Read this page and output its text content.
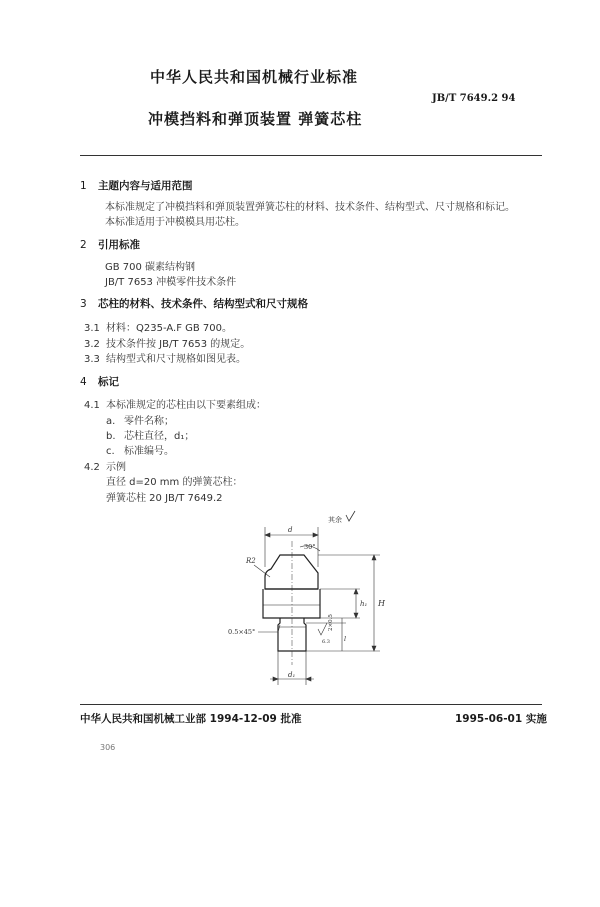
中华人民共和国机械行业标准
JB/T 7649.2 94
冲模挡料和弹顶装置 弹簧芯柱
1 主题内容与适用范围
本标准规定了冲模挡料和弹顶装置弹簧芯柱的材料、技术条件、结构型式、尺寸规格和标记。
本标准适用于冲模模具用芯柱。
2 引用标准
GB 700 碳素结构钢
JB/T 7653 冲模零件技术条件
3 芯柱的材料、技术条件、结构型式和尺寸规格
3.1 材料：Q235-A.F GB 700。
3.2 技术条件按 JB/T 7653 的规定。
3.3 结构型式和尺寸规格如图见表。
4 标记
4.1 本标准规定的芯柱由以下要素组成：
a. 零件名称；
b. 芯柱直径，d₁；
c. 标准编号。
4.2 示例
直径 d=20 mm 的弹簧芯柱：
弹簧芯柱 20 JB/T 7649.2
其余
d
30°
R2
h₁ H
2×0.5
l
6.3
0.5×45°
d₁
中华人民共和国机械工业部 1994-12-09 批准	1995-06-01 实施
306
